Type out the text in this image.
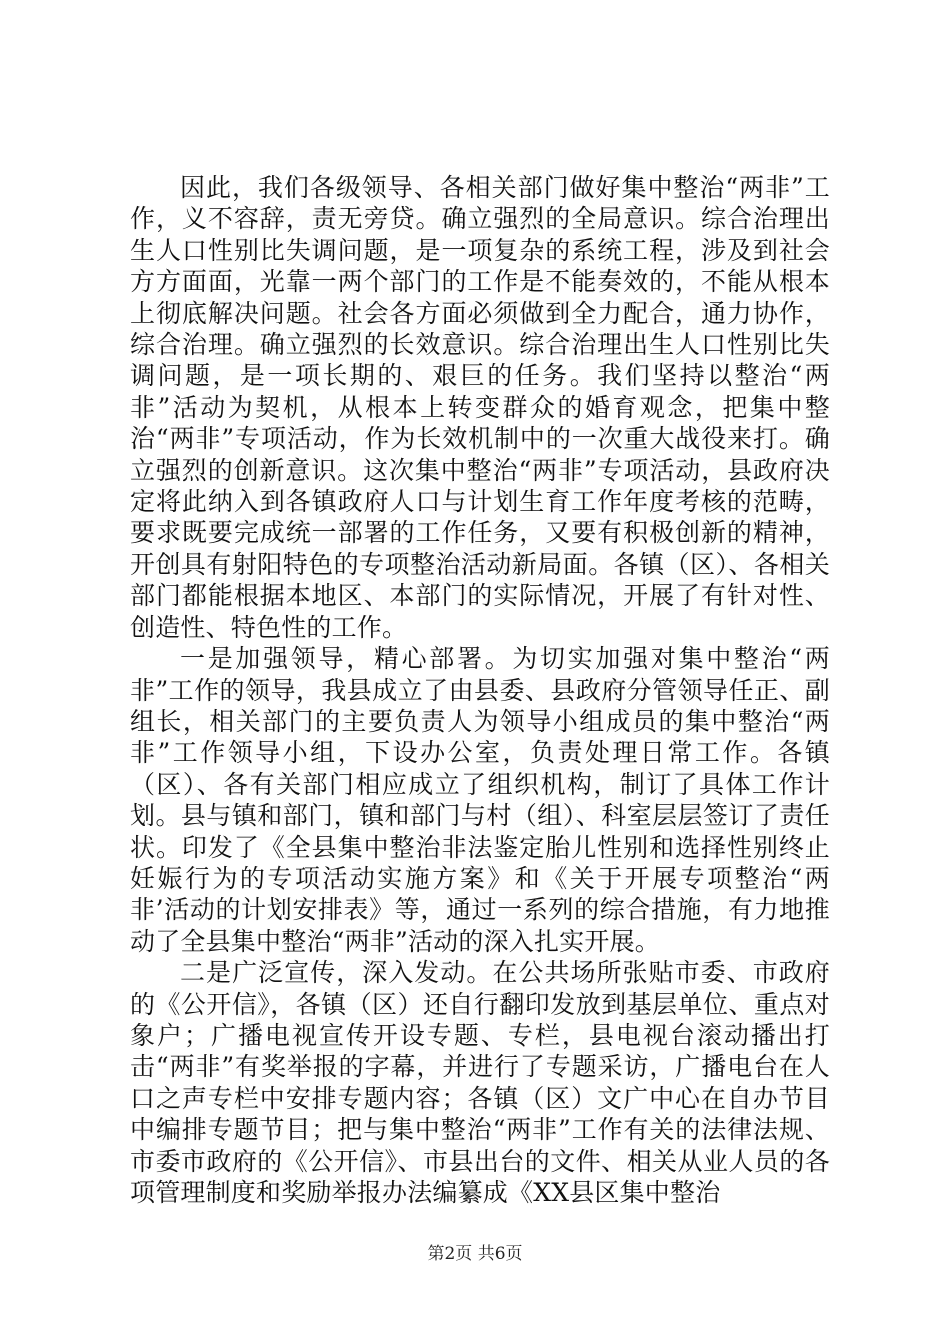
因此，我们各级领导、各相关部门做好集中整治“两非”工作，义不容辞，责无旁贷。确立强烈的全局意识。综合治理出生人口性别比失调问题，是一项复杂的系统工程，涉及到社会方方面面，光靠一两个部门的工作是不能奏效的，不能从根本上彻底解决问题。社会各方面必须做到全力配合，通力协作，综合治理。确立强烈的长效意识。综合治理出生人口性别比失调问题，是一项长期的、艰巨的任务。我们坚持以整治“两非”活动为契机，从根本上转变群众的婚育观念，把集中整治“两非”专项活动，作为长效机制中的一次重大战役来打。确立强烈的创新意识。这次集中整治“两非”专项活动，县政府决定将此纳入到各镇政府人口与计划生育工作年度考核的范畴，要求既要完成统一部署的工作任务，又要有积极创新的精神，开创具有射阳特色的专项整治活动新局面。各镇（区）、各相关部门都能根据本地区、本部门的实际情况，开展了有针对性、创造性、特色性的工作。

一是加强领导，精心部署。为切实加强对集中整治“两非”工作的领导，我县成立了由县委、县政府分管领导任正、副组长，相关部门的主要负责人为领导小组成员的集中整治“两非”工作领导小组，下设办公室，负责处理日常工作。各镇（区）、各有关部门相应成立了组织机构，制订了具体工作计划。县与镇和部门，镇和部门与村（组）、科室层层签订了责任状。印发了《全县集中整治非法鉴定胎儿性别和选择性别终止妊娠行为的专项活动实施方案》和《关于开展专项整治“两非’活动的计划安排表》等，通过一系列的综合措施，有力地推动了全县集中整治“两非”活动的深入扎实开展。

二是广泛宣传，深入发动。在公共场所张贴市委、市政府的《公开信》，各镇（区）还自行翻印发放到基层单位、重点对象户；广播电视宣传开设专题、专栏，县电视台滚动播出打击“两非”有奖举报的字幕，并进行了专题采访，广播电台在人口之声专栏中安排专题内容；各镇（区）文广中心在自办节目中编排专题节目；把与集中整治“两非”工作有关的法律法规、市委市政府的《公开信》、市县出台的文件、相关从业人员的各项管理制度和奖励举报办法编纂成《XX县区集中整治

第2页 共6页
